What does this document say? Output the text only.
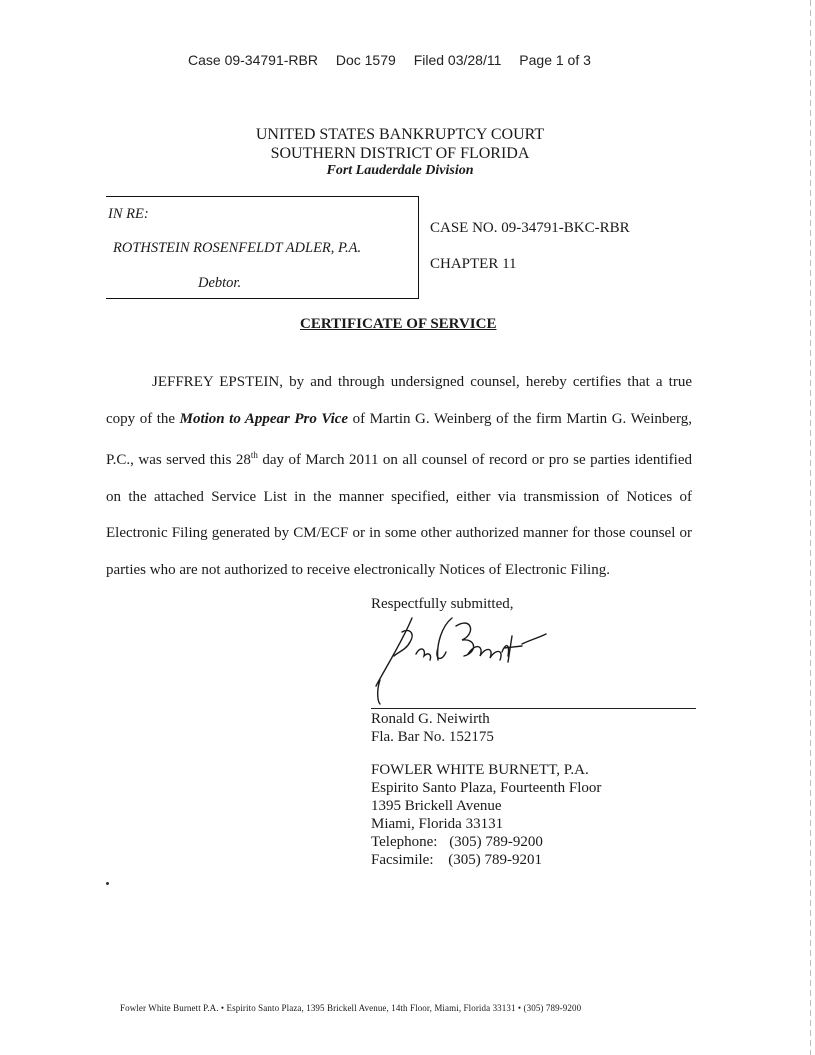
Case 09-34791-RBR Doc 1579 Filed 03/28/11 Page 1 of 3
UNITED STATES BANKRUPTCY COURT
SOUTHERN DISTRICT OF FLORIDA
Fort Lauderdale Division
IN RE:
ROTHSTEIN ROSENFELDT ADLER, P.A.
Debtor.
CASE NO. 09-34791-BKC-RBR
CHAPTER 11
CERTIFICATE OF SERVICE

JEFFREY EPSTEIN, by and through undersigned counsel, hereby certifies that a true copy of the Motion to Appear Pro Vice of Martin G. Weinberg of the firm Martin G. Weinberg, P.C., was served this 28th day of March 2011 on all counsel of record or pro se parties identified on the attached Service List in the manner specified, either via transmission of Notices of Electronic Filing generated by CM/ECF or in some other authorized manner for those counsel or parties who are not authorized to receive electronically Notices of Electronic Filing.

Respectfully submitted,
Ronald G. Neiwirth
Fla. Bar No. 152175
FOWLER WHITE BURNETT, P.A.
Espirito Santo Plaza, Fourteenth Floor
1395 Brickell Avenue
Miami, Florida 33131
Telephone: (305) 789-9200
Facsimile: (305) 789-9201
Fowler White Burnett P.A. • Espirito Santo Plaza, 1395 Brickell Avenue, 14th Floor, Miami, Florida 33131 • (305) 789-9200
